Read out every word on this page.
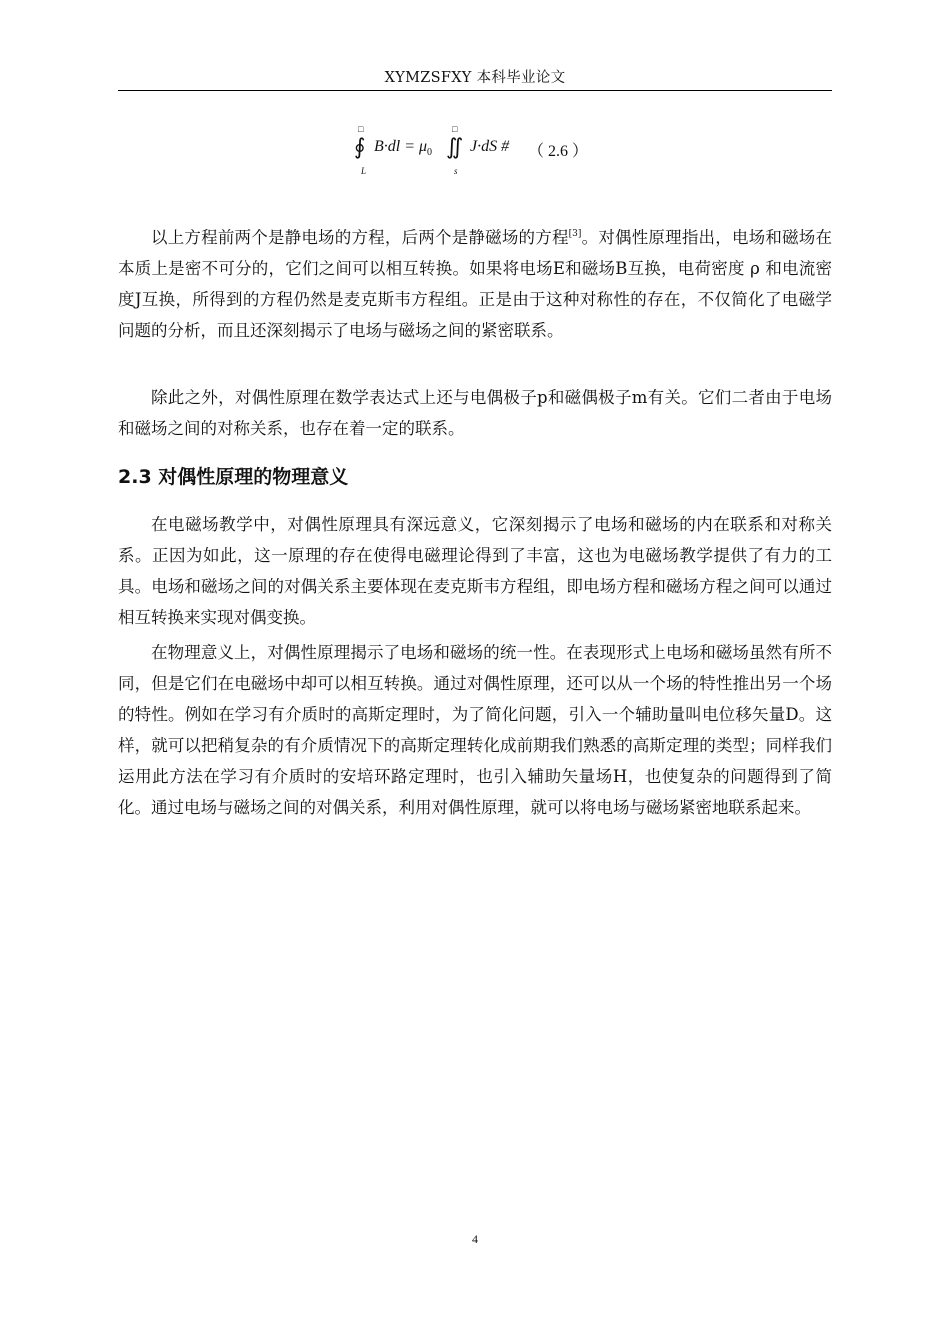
XYMZSFXY 本科毕业论文
□
∮
L
$B\cdot dl = \mu_0$
□
∬
s
J·dS # （ 2.6 ）

以上方程前两个是静电场的方程，后两个是静磁场的方程[3]。对偶性原理指出，电场和磁场在本质上是密不可分的，它们之间可以相互转换。如果将电场E和磁场B互换，电荷密度 ρ 和电流密度J互换，所得到的方程仍然是麦克斯韦方程组。正是由于这种对称性的存在，不仅简化了电磁学问题的分析，而且还深刻揭示了电场与磁场之间的紧密联系。

除此之外，对偶性原理在数学表达式上还与电偶极子p和磁偶极子m有关。它们二者由于电场和磁场之间的对称关系，也存在着一定的联系。

2.3 对偶性原理的物理意义

在电磁场教学中，对偶性原理具有深远意义，它深刻揭示了电场和磁场的内在联系和对称关系。正因为如此，这一原理的存在使得电磁理论得到了丰富，这也为电磁场教学提供了有力的工具。电场和磁场之间的对偶关系主要体现在麦克斯韦方程组，即电场方程和磁场方程之间可以通过相互转换来实现对偶变换。

在物理意义上，对偶性原理揭示了电场和磁场的统一性。在表现形式上电场和磁场虽然有所不同，但是它们在电磁场中却可以相互转换。通过对偶性原理，还可以从一个场的特性推出另一个场的特性。例如在学习有介质时的高斯定理时，为了简化问题，引入一个辅助量叫电位移矢量D。这样，就可以把稍复杂的有介质情况下的高斯定理转化成前期我们熟悉的高斯定理的类型；同样我们运用此方法在学习有介质时的安培环路定理时，也引入辅助矢量场H，也使复杂的问题得到了简化。通过电场与磁场之间的对偶关系，利用对偶性原理，就可以将电场与磁场紧密地联系起来。

4
